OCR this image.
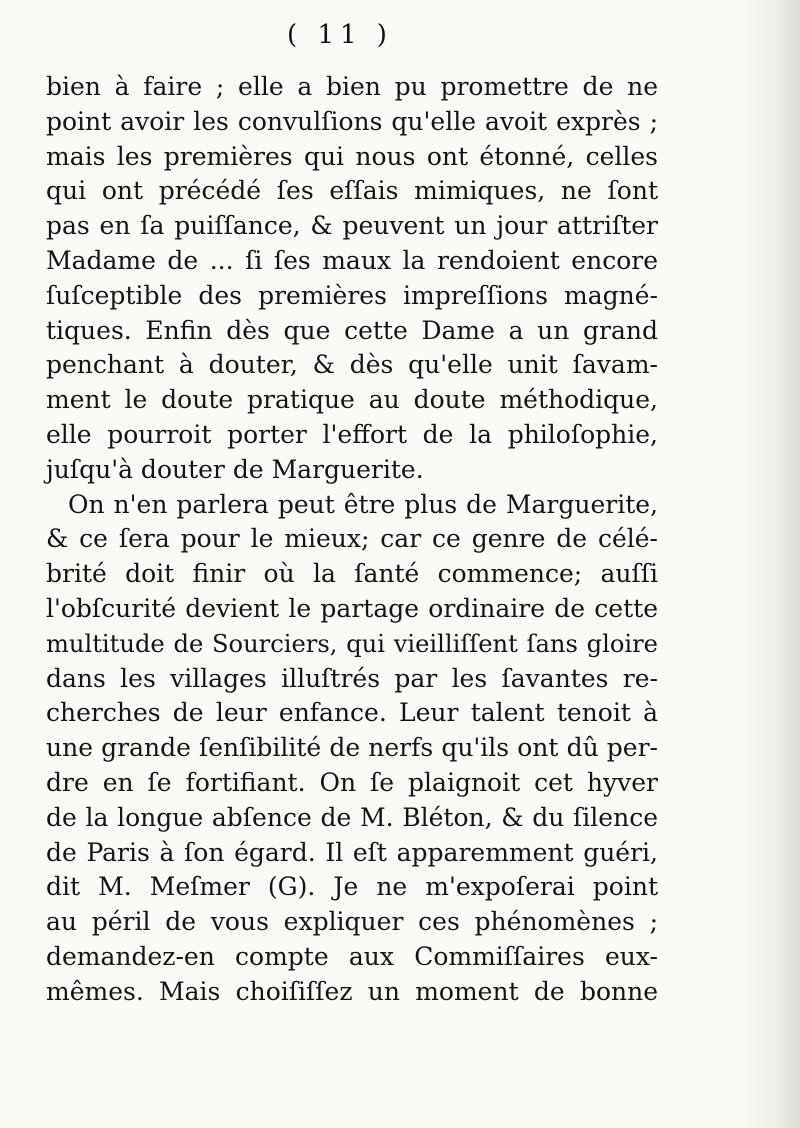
( 11 )
bien à faire ; elle a bien pu promettre de ne
point avoir les convulſions qu'elle avoit exprès ;
mais les premières qui nous ont étonné, celles
qui ont précédé ſes eſſais mimiques, ne ſont
pas en ſa puiſſance, & peuvent un jour attriſter
Madame de ... ſi ſes maux la rendoient encore
ſuſceptible des premières impreſſions magné-
tiques. Enfin dès que cette Dame a un grand
penchant à douter, & dès qu'elle unit ſavam-
ment le doute pratique au doute méthodique,
elle pourroit porter l'effort de la philoſophie,
juſqu'à douter de Marguerite.
On n'en parlera peut être plus de Marguerite,
& ce ſera pour le mieux; car ce genre de célé-
brité doit finir où la ſanté commence; auſſi
l'obſcurité devient le partage ordinaire de cette
multitude de Sourciers, qui vieilliſſent ſans gloire
dans les villages illuſtrés par les ſavantes re-
cherches de leur enfance. Leur talent tenoit à
une grande ſenſibilité de nerfs qu'ils ont dû per-
dre en ſe fortifiant. On ſe plaignoit cet hyver
de la longue abſence de M. Bléton, & du ſilence
de Paris à ſon égard. Il eſt apparemment guéri,
dit M. Meſmer (G). Je ne m'expoſerai point
au péril de vous expliquer ces phénomènes ;
demandez-en compte aux Commiſſaires eux-
mêmes. Mais choiſiſſez un moment de bonne
